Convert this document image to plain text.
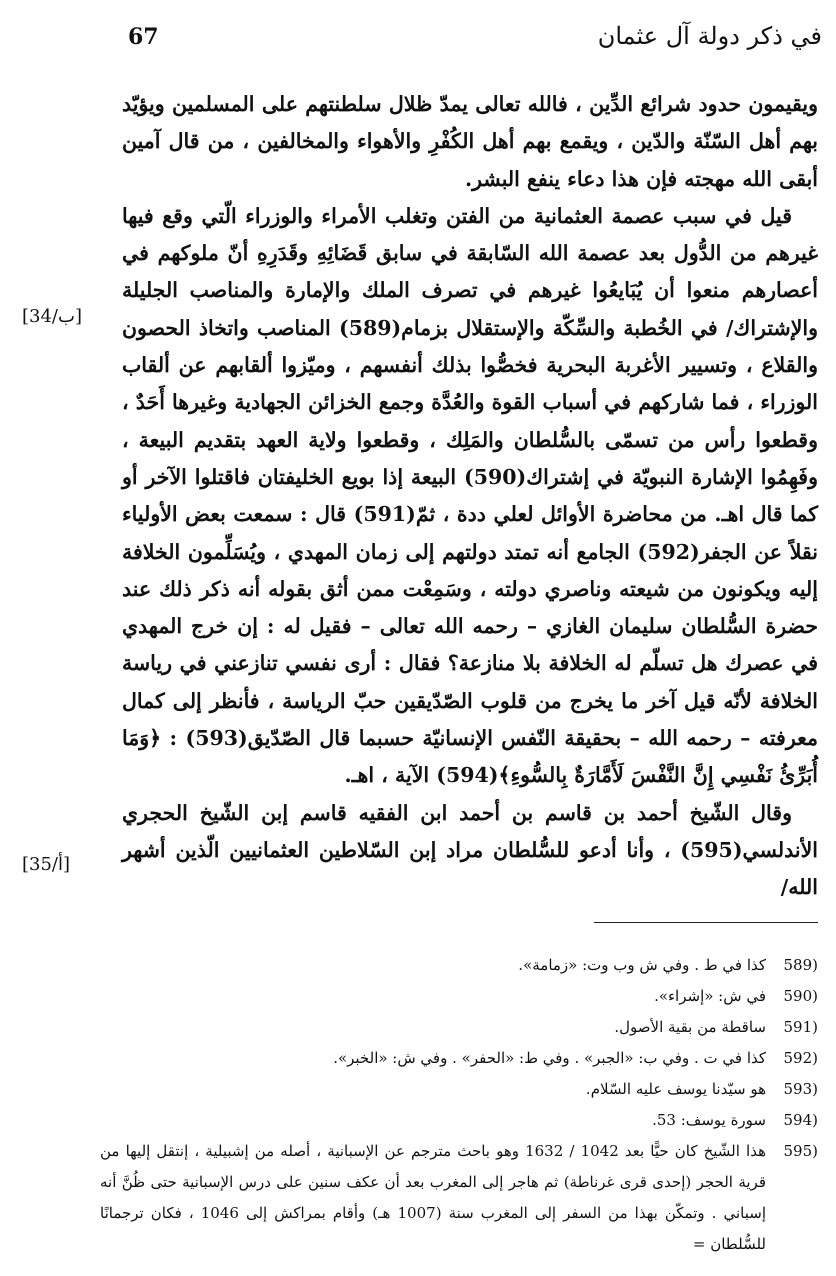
في ذكر دولة آل عثمان
67

ويقيمون حدود شرائع الدِّين ، فالله تعالى يمدّ ظلال سلطنتهم على المسلمين ويؤيّد بهم أهل السّنّة والدّين ، ويقمع بهم أهل الكُفْرِ والأهواء والمخالفين ، من قال آمين أبقى الله مهجته فإن هذا دعاء ينفع البشر.

قيل في سبب عصمة العثمانية من الفتن وتغلب الأمراء والوزراء الّتي وقع فيها غيرهم من الدُّول بعد عصمة الله السّابقة في سابق قَضَائِهِ وقَدَرِهِ أنّ ملوكهم في أعصارهم منعوا أن يُبَايعُوا غيرهم في تصرف الملك والإمارة والمناصب الجليلة والإشتراك/ في الخُطبة والسِّكّة والإستقلال بزمام(589) المناصب واتخاذ الحصون والقلاع ، وتسيير الأغربة البحرية فخصُّوا بذلك أنفسهم ، وميّزوا ألقابهم عن ألقاب الوزراء ، فما شاركهم في أسباب القوة والعُدَّة وجمع الخزائن الجهادية وغيرها أَحَدٌ ، وقطعوا رأس من تسمّى بالسُّلطان والمَلِك ، وقطعوا ولاية العهد بتقديم البيعة ، وفَهِمُوا الإشارة النبويّة في إشتراك(590) البيعة إذا بويع الخليفتان فاقتلوا الآخر أو كما قال اهـ. من محاضرة الأوائل لعلي ددة ، ثمّ(591) قال : سمعت بعض الأولياء نقلاً عن الجفر(592) الجامع أنه تمتد دولتهم إلى زمان المهدي ، ويُسَلِّمون الخلافة إليه ويكونون من شيعته وناصري دولته ، وسَمِعْت ممن أثق بقوله أنه ذكر ذلك عند حضرة السُّلطان سليمان الغازي – رحمه الله تعالى – فقيل له : إن خرج المهدي في عصرك هل تسلّم له الخلافة بلا منازعة؟ فقال : أرى نفسي تنازعني في رياسة الخلافة لأنّه قيل آخر ما يخرج من قلوب الصّدّيقين حبّ الرياسة ، فأنظر إلى كمال معرفته – رحمه الله – بحقيقة النّفس الإنسانيّة حسبما قال الصّدّيق(593) : ﴿وَمَا أُبَرِّئُ نَفْسِي إِنَّ النَّفْسَ لَأَمَّارَةٌ بِالسُّوءِ﴾(594) الآية ، اهـ.

وقال الشّيخ أحمد بن قاسم بن أحمد ابن الفقيه قاسم إبن الشّيخ الحجري الأندلسي(595) ، وأنا أدعو للسُّلطان مراد إبن السّلاطين العثمانيين الّذين أشهر الله/

[34/ب]
[35/أ]
589)
كذا في ط . وفي ش وب وت: «زمامة».
590)
في ش: «إشراء».
591)
ساقطة من بقية الأصول.
592)
كذا في ت . وفي ب: «الجبر» . وفي ط: «الحفر» . وفي ش: «الخبر».
593)
هو سيّدنا يوسف عليه السّلام.
594)
سورة يوسف: 53.
595)
هذا الشّيخ كان حيًّا بعد 1042 / 1632 وهو باحث مترجم عن الإسبانية ، أصله من إشبيلية ، إنتقل إليها من قرية الحجر (إحدى قرى غرناطة) ثم هاجر إلى المغرب بعد أن عكف سنين على درس الإسبانية حتى ظُنَّ أنه إسباني . وتمكّن بهذا من السفر إلى المغرب سنة (1007 هـ) وأقام بمراكش إلى 1046 ، فكان ترجمانًا للسُّلطان =
